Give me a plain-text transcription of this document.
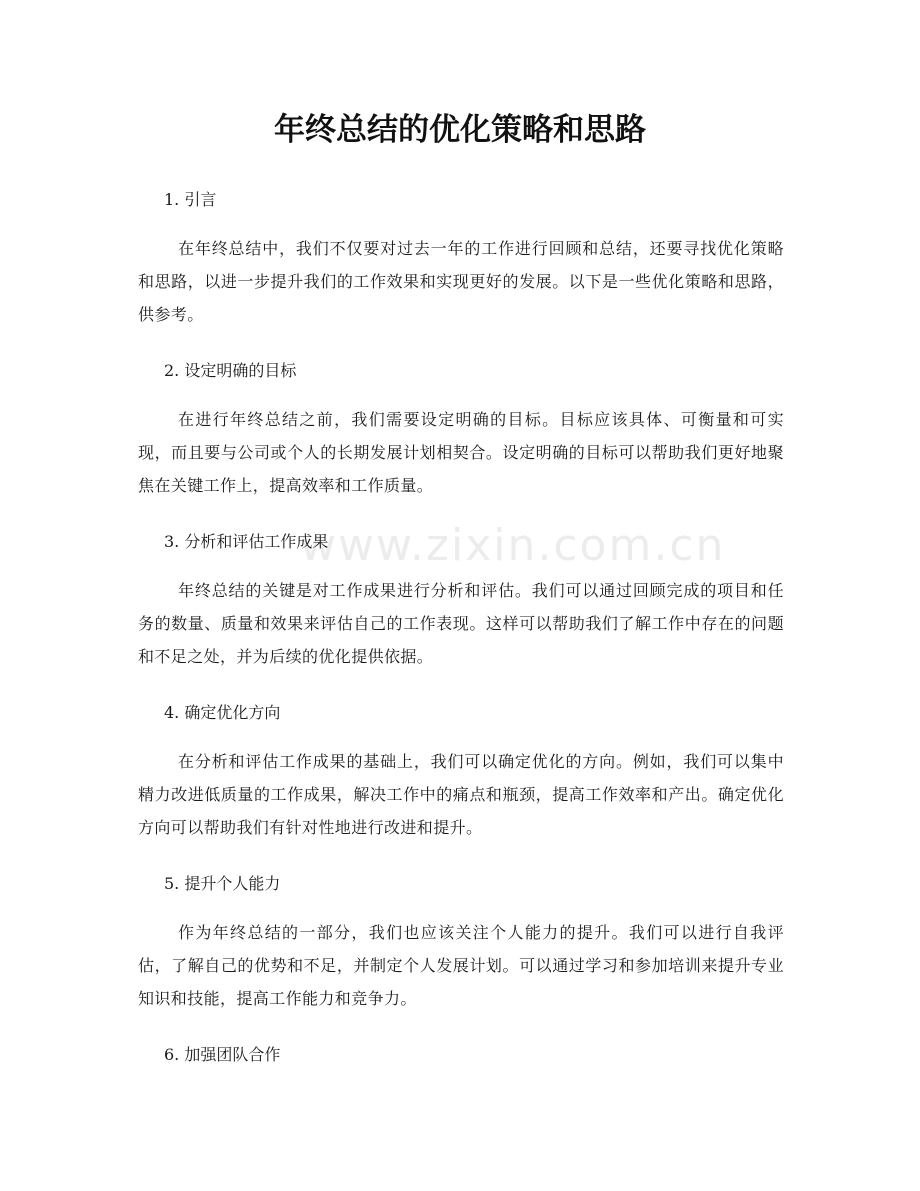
年终总结的优化策略和思路
www.zixin.com.cn

1. 引言

在年终总结中，我们不仅要对过去一年的工作进行回顾和总结，还要寻找优化策略和思路，以进一步提升我们的工作效果和实现更好的发展。以下是一些优化策略和思路，供参考。

2. 设定明确的目标

在进行年终总结之前，我们需要设定明确的目标。目标应该具体、可衡量和可实现，而且要与公司或个人的长期发展计划相契合。设定明确的目标可以帮助我们更好地聚焦在关键工作上，提高效率和工作质量。

3. 分析和评估工作成果

年终总结的关键是对工作成果进行分析和评估。我们可以通过回顾完成的项目和任务的数量、质量和效果来评估自己的工作表现。这样可以帮助我们了解工作中存在的问题和不足之处，并为后续的优化提供依据。

4. 确定优化方向

在分析和评估工作成果的基础上，我们可以确定优化的方向。例如，我们可以集中精力改进低质量的工作成果，解决工作中的痛点和瓶颈，提高工作效率和产出。确定优化方向可以帮助我们有针对性地进行改进和提升。

5. 提升个人能力

作为年终总结的一部分，我们也应该关注个人能力的提升。我们可以进行自我评估，了解自己的优势和不足，并制定个人发展计划。可以通过学习和参加培训来提升专业知识和技能，提高工作能力和竞争力。

6. 加强团队合作
